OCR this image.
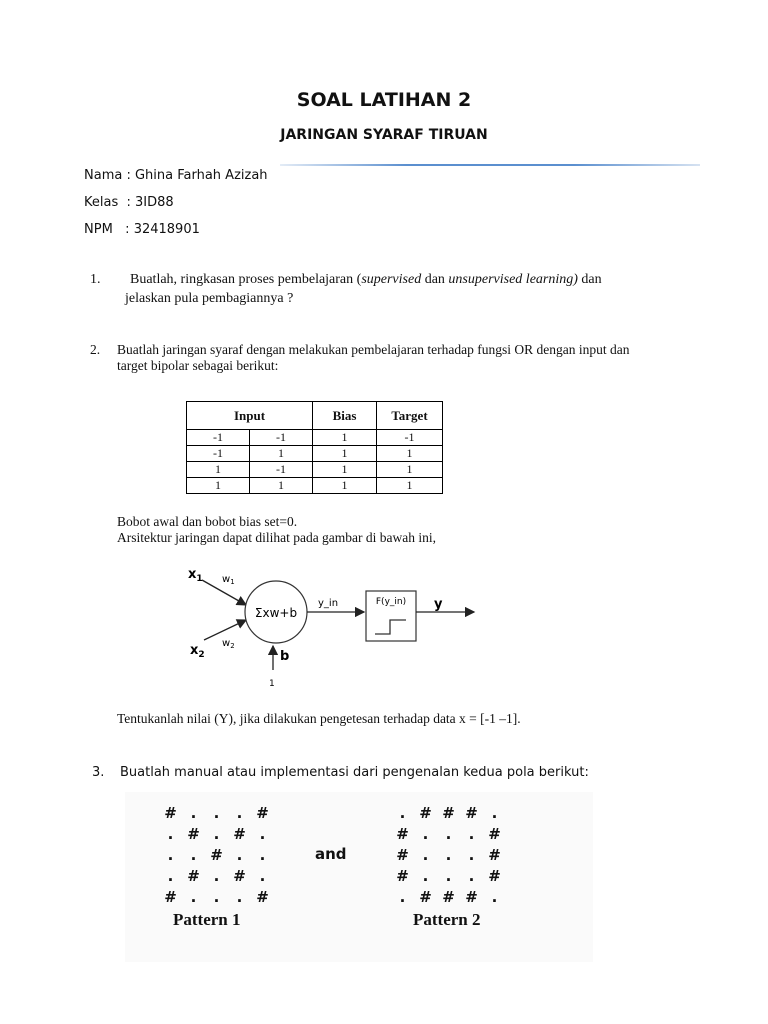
SOAL LATIHAN 2
JARINGAN SYARAF TIRUAN
Nama : Ghina Farhah Azizah
Kelas  : 3ID88
NPM   : 32418901
1. Buatlah, ringkasan proses pembelajaran (supervised dan unsupervised learning) dan
jelaskan pula pembagiannya ?
2. Buatlah jaringan syaraf dengan melakukan pembelajaran terhadap fungsi OR dengan input dan
target bipolar sebagai berikut:
Input		Bias	Target
-1	-1	1	-1
-1	1	1	1
1	-1	1	1
1	1	1	1
Bobot awal dan bobot bias set=0.
Arsitektur jaringan dapat dilihat pada gambar di bawah ini,
$x_1$ $w_1$
$x_2$
$w_2$
Σxw+b
b
1
y_in	F(y_in) y
Tentukanlah nilai (Y), jika dilakukan pengetesan terhadap data x = [-1 –1].
3. Buatlah manual atau implementasi dari pengenalan kedua pola berikut:
# .	.	. #
. # . # .
.	. # .	.
. # . # .
# .	.	. #
and
. # # # .
# .	.	. #
# .	.	. #
# .	.	. #
. # # # .
Pattern 1	Pattern 2
